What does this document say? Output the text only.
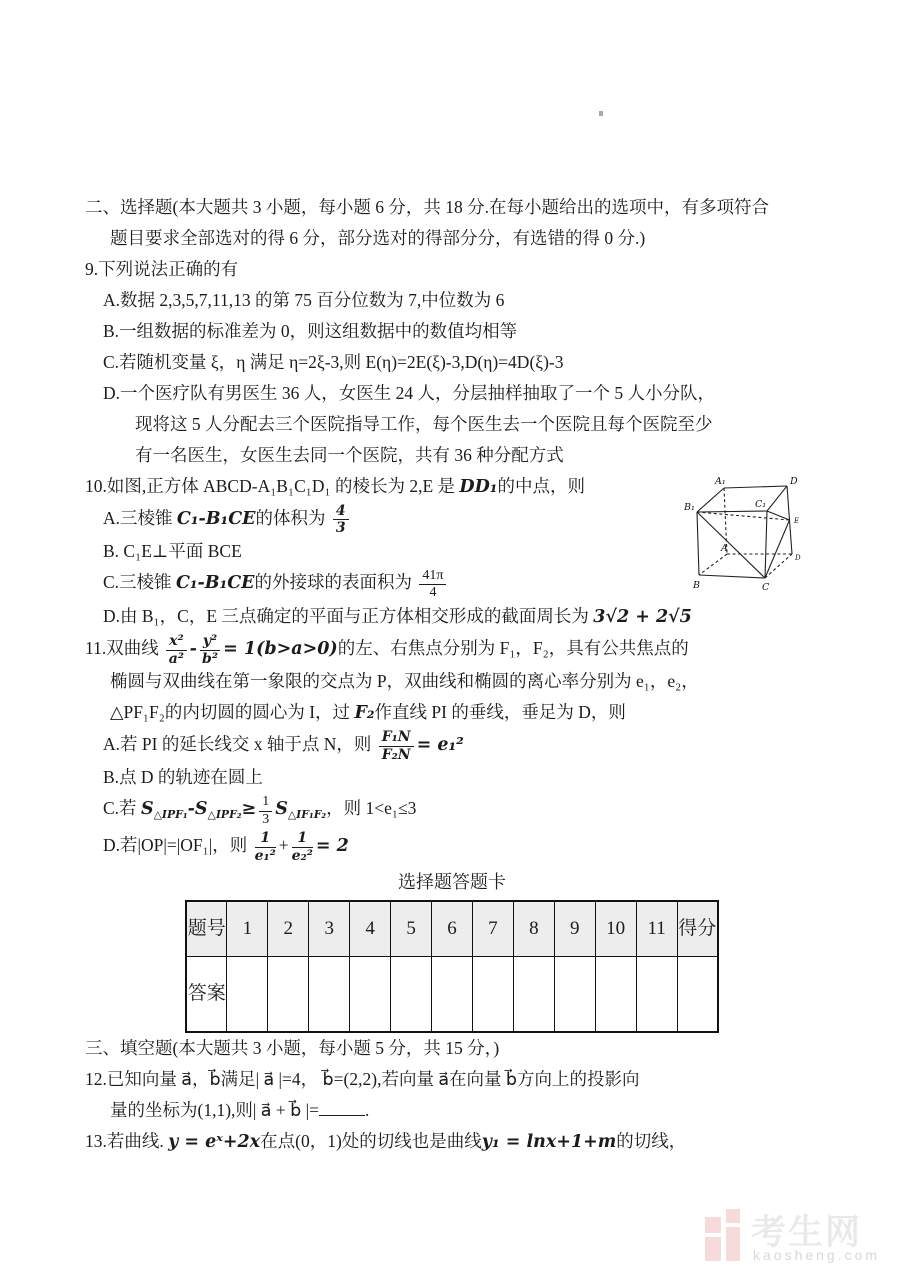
二、选择题(本大题共 3 小题，每小题 6 分，共 18 分.在每小题给出的选项中，有多项符合
题目要求全部选对的得 6 分，部分选对的得部分分，有选错的得 0 分.)
9.下列说法正确的有
A.数据 2,3,5,7,11,13 的第 75 百分位数为 7,中位数为 6
B.一组数据的标准差为 0，则这组数据中的数值均相等
C.若随机变量 ξ，η 满足 η=2ξ-3,则 E(η)=2E(ξ)-3,D(η)=4D(ξ)-3
D.一个医疗队有男医生 36 人，女医生 24 人，分层抽样抽取了一个 5 人小分队，
现将这 5 人分配去三个医院指导工作，每个医生去一个医院且每个医院至少
有一名医生，女医生去同一个医院，共有 36 种分配方式
10.如图,正方体 ABCD-A₁B₁C₁D₁ 的棱长为 2,E 是 DD₁的中点，则
A.三棱锥 C₁-B₁CE的体积为 $\frac{4}{3}$
B. C₁E⊥平面 BCE
C.三棱锥 C₁-B₁CE的外接球的表面积为 $\frac{41\pi}{4}$
D.由 B₁，C，E 三点确定的平面与正方体相交形成的截面周长为 3√2 + 2√5
11.双曲线 $\frac{\text{x²}}{\text{a²}} - \frac{\text{y²}}{\text{b²}} = 1(b>a>0)$的左、右焦点分别为 F₁，F₂，具有公共焦点的
椭圆与双曲线在第一象限的交点为 P，双曲线和椭圆的离心率分别为 e₁，e₂，
△PF₁F₂的内切圆的圆心为 I，过 F₂作直线 PI 的垂线，垂足为 D，则
A.若 PI 的延长线交 x 轴于点 N，则 $\frac{\text{F₁N}}{\text{F₂N}} = e_1^2$
B.点 D 的轨迹在圆上
C.若 $S_{\triangle IPF_1}-S_{\triangle IPF_2}\ge \frac{1}{3} S_{\triangle IF_1F_2}$，则 1<e₁≤3
D.若|OP|=|OF₁|，则 $\frac{1}{\text{e₁²}} + \frac{1}{\text{e₂²}} = 2$
选择题答题卡
题号	1	2	3	4	5	6	7	8	9	10	11	得分
答案												
三、填空题(本大题共 3 小题，每小题 5 分，共 15 分，)
12.已知向量 a⃗，b⃗满足| a⃗ |=4， b⃗=(2,2),若向量 a⃗在向量 b⃗方向上的投影向
量的坐标为(1,1),则| a⃗ + b⃗ |=	.
13.若曲线. y = eˣ+2x在点(0，1)处的切线也是曲线y₁ = lnx+1+m的切线，
A₁	D
B₁	C₁
A
B	C
E
D
考生网
kaosheng.com
